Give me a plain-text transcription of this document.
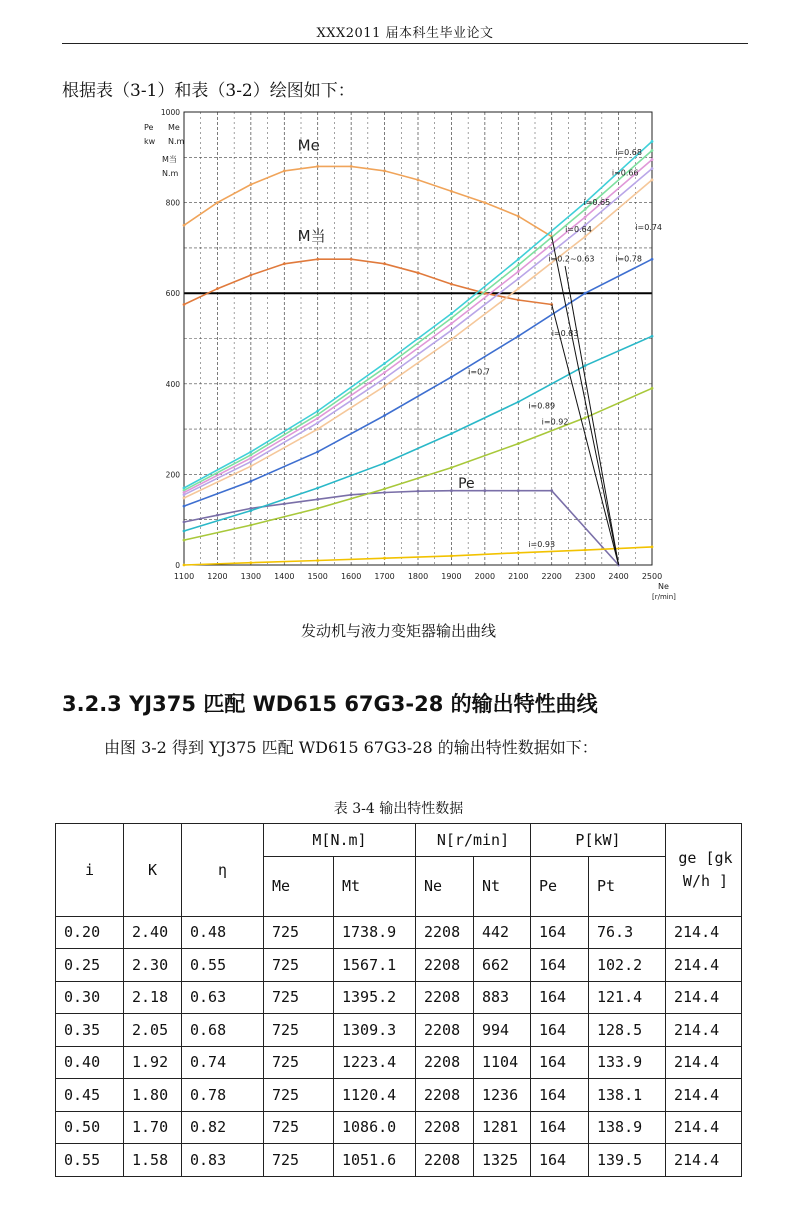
XXX2011 届本科生毕业论文
根据表（3-1）和表（3-2）绘图如下：
1100 1200 1300 1400 1500 1600 1700 1800 1900 2000 2100 2200 2300 2400 2500
0
200
400
600
800
1000
Pe Me
kw N.m
M当
N.m
Ne
[r/min]
Me
M当
Pe
i=0.68
i=0.66
i=0.65
i=0.64	i=0.74
i=0.78
i=0.2~0.63
i=0.83
i=0.7
i=0.89
i=0.92
i=0.93
发动机与液力变矩器输出曲线
3.2.3 YJ375 匹配 WD615 67G3-28 的输出特性曲线
由图 3-2 得到 YJ375 匹配 WD615 67G3-28 的输出特性数据如下：
表 3-4 输出特性数据
i	K	η	M[N.m]		N[r/min]		P[kW]		ge [gkW/h ]
			Me	Mt	Ne	Nt	Pe	Pt	
0.20	2.40	0.48	725	1738.9	2208	442	164	76.3	214.4
0.25	2.30	0.55	725	1567.1	2208	662	164	102.2	214.4
0.30	2.18	0.63	725	1395.2	2208	883	164	121.4	214.4
0.35	2.05	0.68	725	1309.3	2208	994	164	128.5	214.4
0.40	1.92	0.74	725	1223.4	2208	1104	164	133.9	214.4
0.45	1.80	0.78	725	1120.4	2208	1236	164	138.1	214.4
0.50	1.70	0.82	725	1086.0	2208	1281	164	138.9	214.4
0.55	1.58	0.83	725	1051.6	2208	1325	164	139.5	214.4
